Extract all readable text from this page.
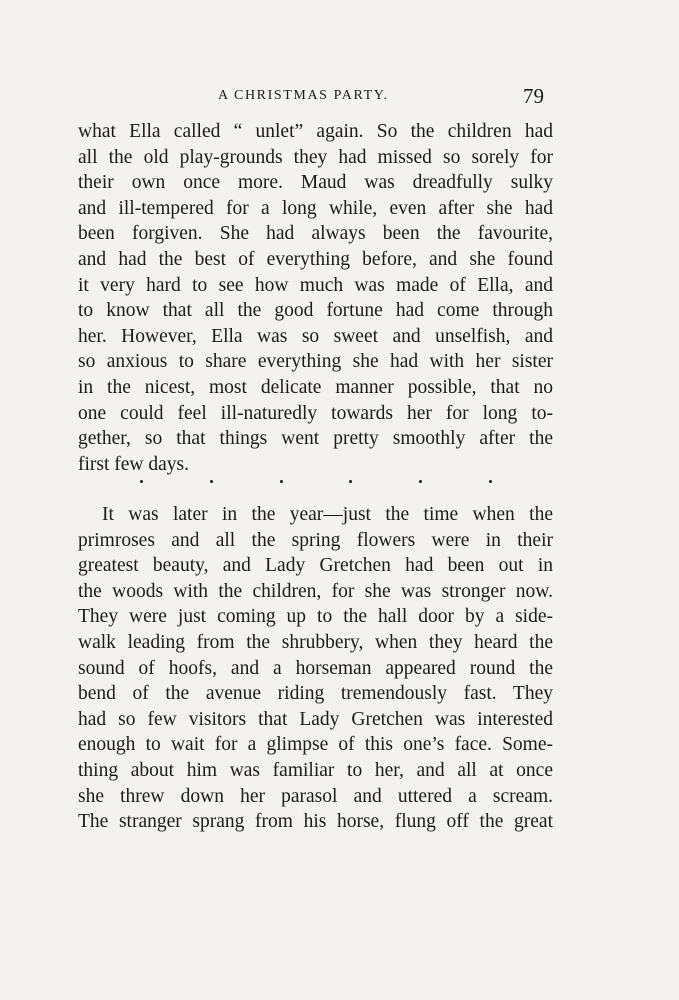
A CHRISTMAS PARTY.	79
what Ella called “ unlet” again. So the children had
all the old play-grounds they had missed so sorely for
their own once more. Maud was dreadfully sulky
and ill-tempered for a long while, even after she had
been forgiven. She had always been the favourite,
and had the best of everything before, and she found
it very hard to see how much was made of Ella, and
to know that all the good fortune had come through
her. However, Ella was so sweet and unselfish, and
so anxious to share everything she had with her sister
in the nicest, most delicate manner possible, that no
one could feel ill-naturedly towards her for long to-
gether, so that things went pretty smoothly after the
first few days.
It was later in the year—just the time when the
primroses and all the spring flowers were in their
greatest beauty, and Lady Gretchen had been out in
the woods with the children, for she was stronger now.
They were just coming up to the hall door by a side-
walk leading from the shrubbery, when they heard the
sound of hoofs, and a horseman appeared round the
bend of the avenue riding tremendously fast. They
had so few visitors that Lady Gretchen was interested
enough to wait for a glimpse of this one’s face. Some-
thing about him was familiar to her, and all at once
she threw down her parasol and uttered a scream.
The stranger sprang from his horse, flung off the great
